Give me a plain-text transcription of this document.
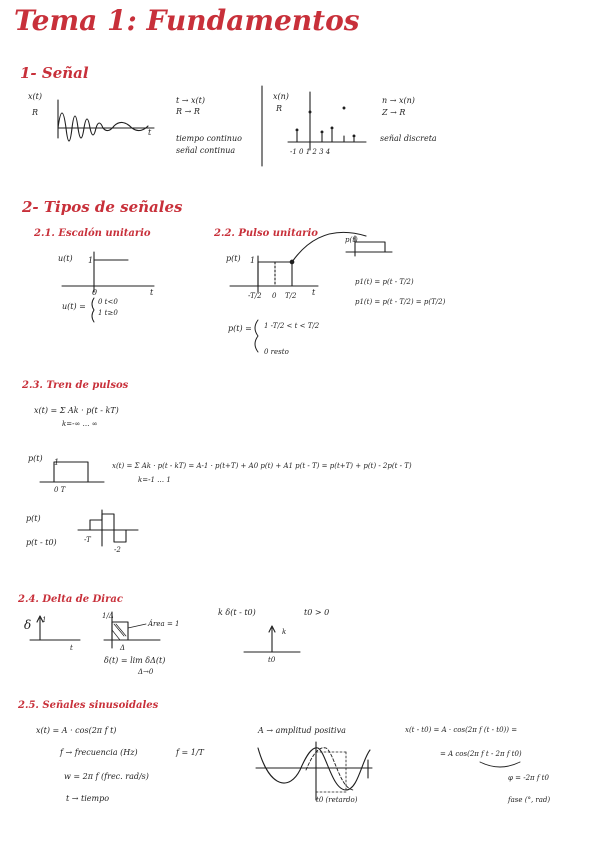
Tema 1: Fundamentos
1- Señal
x(t)
R
t
t → x(t)
R → R
tiempo continuo
señal continua
x(n)
R
-1 0 1 2 3 4
n → x(n)
Z → R
señal discreta
2- Tipos de señales
2.1. Escalón unitario
u(t) 1
0	t
u(t) = 0 t<0
1 t≥0
2.2. Pulso unitario
p(t) 1
-T/2 0 T/2 t
p(t)
p1(t) = p(t - T/2)
p1(t) = p(t - T/2) = p(T/2)
p(t) = 1 -T/2 < t < T/2
0 resto
2.3. Tren de pulsos
x(t) = Σ Ak · p(t - kT)
k=-∞ … ∞
p(t) 1
0 T
x(t) = Σ Ak · p(t - kT) = A-1 · p(t+T) + A0 p(t) + A1 p(t - T) = p(t+T) + p(t) - 2p(t - T)
k=-1 … 1
p(t)
p(t - t0)	-T
-2
2.4. Delta de Dirac
δ 1
t
1/Δ
Área = 1
Δ
δ(t) = lim δΔ(t)
Δ→0
k δ(t - t0)	t0 > 0
k
t0
2.5. Señales sinusoidales
x(t) = A · cos(2π f t)
f → frecuencia (Hz)	f = 1/T
w = 2π f (frec. rad/s)
t → tiempo
A → amplitud positiva
t0 (retardo)
x(t - t0) = A · cos(2π f (t - t0)) =
= A cos(2π f t - 2π f t0)
φ = -2π f t0
fase (°, rad)
